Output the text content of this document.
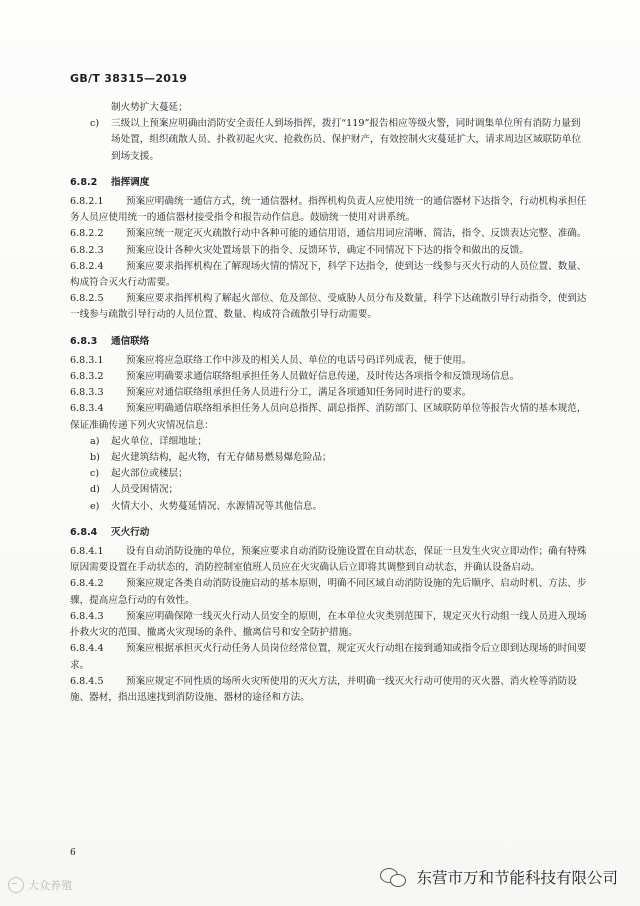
GB/T 38315—2019

制火势扩大蔓延；

c)	三级以上预案应明确由消防安全责任人到场指挥，拨打“119”报告相应等级火警，同时调集单位所有消防力量到场处置，组织疏散人员、扑救初起火灾、抢救伤员、保护财产，有效控制火灾蔓延扩大，请求周边区域联防单位到场支援。
6.8.2 指挥调度

6.8.2.1 预案应明确统一通信方式，统一通信器材。指挥机构负责人应使用统一的通信器材下达指令，行动机构承担任务人员应使用统一的通信器材接受指令和报告动作信息。鼓励统一使用对讲系统。

6.8.2.2 预案应统一规定灭火疏散行动中各种可能的通信用语，通信用词应清晰、简洁，指令、反馈表达完整、准确。

6.8.2.3 预案应设计各种火灾处置场景下的指令、反馈环节，确定不同情况下下达的指令和做出的反馈。

6.8.2.4 预案应要求指挥机构在了解现场火情的情况下，科学下达指令，使到达一线参与灭火行动的人员位置、数量、构成符合灭火行动需要。

6.8.2.5 预案应要求指挥机构了解起火部位、危及部位、受威胁人员分布及数量，科学下达疏散引导行动指令，使到达一线参与疏散引导行动的人员位置、数量、构成符合疏散引导行动需要。

6.8.3 通信联络

6.8.3.1 预案应将应急联络工作中涉及的相关人员、单位的电话号码详列成表，便于使用。

6.8.3.2 预案应明确要求通信联络组承担任务人员做好信息传递，及时传达各项指令和反馈现场信息。

6.8.3.3 预案应对通信联络组承担任务人员进行分工，满足各项通知任务同时进行的要求。

6.8.3.4 预案应明确通信联络组承担任务人员向总指挥、副总指挥、消防部门、区域联防单位等报告火情的基本规范，保证准确传递下列火灾情况信息：

a)	起火单位、详细地址；
b)	起火建筑结构，起火物，有无存储易燃易爆危险品；
c)	起火部位或楼层；
d)	人员受困情况；
e)	火情大小、火势蔓延情况、水源情况等其他信息。
6.8.4 灭火行动

6.8.4.1 设有自动消防设施的单位，预案应要求自动消防设施设置在自动状态，保证一旦发生火灾立即动作；确有特殊原因需要设置在手动状态的，消防控制室值班人员应在火灾确认后立即将其调整到自动状态，并确认设备启动。

6.8.4.2 预案应规定各类自动消防设施启动的基本原则，明确不同区域自动消防设施的先后顺序、启动时机、方法、步骤，提高应急行动的有效性。

6.8.4.3 预案应明确保障一线灭火行动人员安全的原则，在本单位火灾类别范围下，规定灭火行动组一线人员进入现场扑救火灾的范围、撤离火灾现场的条件、撤离信号和安全防护措施。

6.8.4.4 预案应根据承担灭火行动任务人员岗位经常位置，规定灭火行动组在接到通知或指令后立即到达现场的时间要求。

6.8.4.5 预案应规定不同性质的场所火灾所使用的灭火方法，并明确一线灭火行动可使用的灭火器、消火栓等消防设施、器材，指出迅速找到消防设施、器材的途径和方法。

6
大众养殖	东营市万和节能科技有限公司
